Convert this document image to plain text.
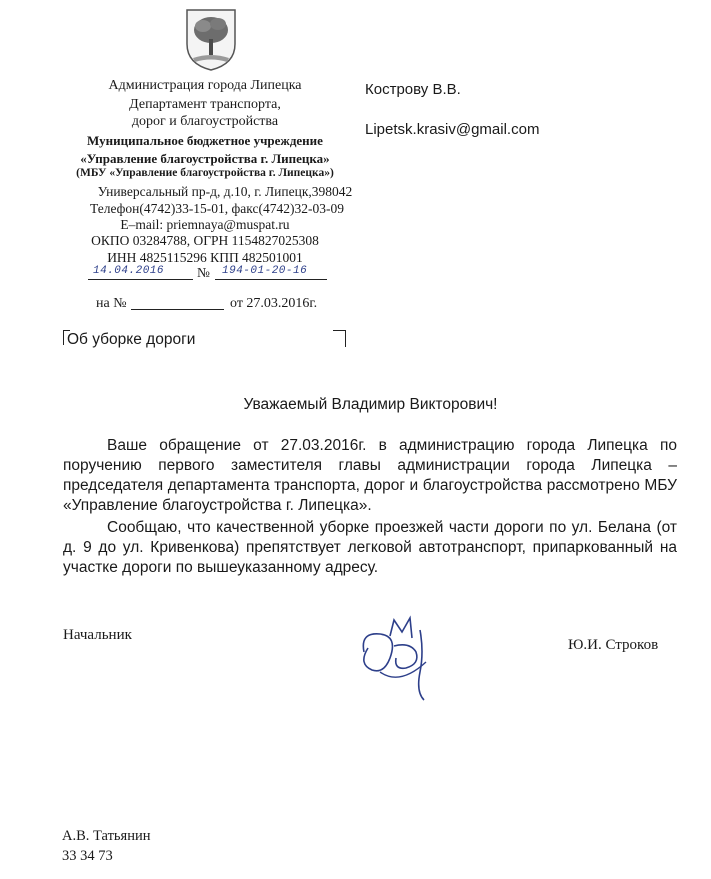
Администрация города Липецка
Департамент транспорта,
дорог и благоустройства
Муниципальное бюджетное учреждение
«Управление благоустройства г. Липецка»
(МБУ «Управление благоустройства г. Липецка»)
Универсальный пр-д, д.10, г. Липецк,398042
Телефон(4742)33-15-01, факс(4742)32-03-09
E–mail: priemnaya@muspat.ru
ОКПО 03284788, ОГРН 1154827025308
ИНН 4825115296 КПП 482501001
14.04.2016 № 194-01-20-16
на №	от 27.03.2016г.
Кострову В.В.
Lipetsk.krasiv@gmail.com
Об уборке дороги
Уважаемый Владимир Викторович!

Ваше обращение от 27.03.2016г. в администрацию города Липецка по поручению первого заместителя главы администрации города Липецка – председателя департамента транспорта, дорог и благоустройства рассмотрено МБУ «Управление благоустройства г. Липецка».

Сообщаю, что качественной уборке проезжей части дороги по ул. Белана (от д. 9 до ул. Кривенкова) препятствует легковой автотранспорт, припаркованный на участке дороги по вышеуказанному адресу.

Начальник
Ю.И. Строков
А.В. Татьянин
33 34 73
